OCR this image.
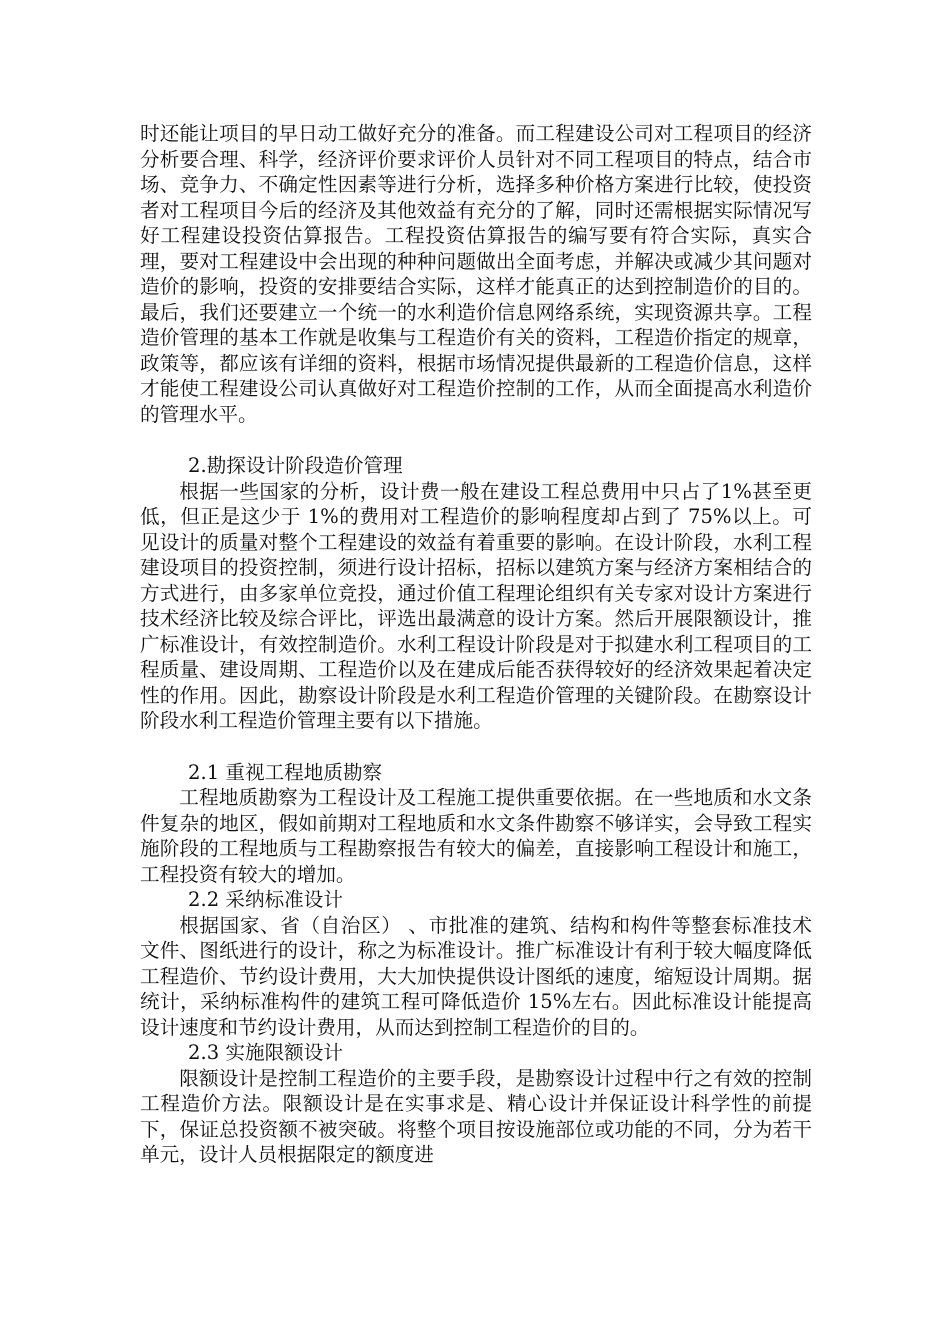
时还能让项目的早日动工做好充分的准备。而工程建设公司对工程项目的经济分析要合理、科学，经济评价要求评价人员针对不同工程项目的特点，结合市场、竞争力、不确定性因素等进行分析，选择多种价格方案进行比较，使投资者对工程项目今后的经济及其他效益有充分的了解，同时还需根据实际情况写好工程建设投资估算报告。工程投资估算报告的编写要有符合实际，真实合理，要对工程建设中会出现的种种问题做出全面考虑，并解决或减少其问题对造价的影响，投资的安排要结合实际，这样才能真正的达到控制造价的目的。最后，我们还要建立一个统一的水利造价信息网络系统，实现资源共享。工程造价管理的基本工作就是收集与工程造价有关的资料，工程造价指定的规章，政策等，都应该有详细的资料，根据市场情况提供最新的工程造价信息，这样才能使工程建设公司认真做好对工程造价控制的工作，从而全面提高水利造价的管理水平。

2.勘探设计阶段造价管理

根据一些国家的分析，设计费一般在建设工程总费用中只占了1%甚至更低，但正是这少于 1%的费用对工程造价的影响程度却占到了 75%以上。可见设计的质量对整个工程建设的效益有着重要的影响。在设计阶段，水利工程建设项目的投资控制，须进行设计招标，招标以建筑方案与经济方案相结合的方式进行，由多家单位竞投，通过价值工程理论组织有关专家对设计方案进行技术经济比较及综合评比，评选出最满意的设计方案。然后开展限额设计，推广标准设计，有效控制造价。水利工程设计阶段是对于拟建水利工程项目的工程质量、建设周期、工程造价以及在建成后能否获得较好的经济效果起着决定性的作用。因此，勘察设计阶段是水利工程造价管理的关键阶段。在勘察设计阶段水利工程造价管理主要有以下措施。

2.1 重视工程地质勘察

工程地质勘察为工程设计及工程施工提供重要依据。在一些地质和水文条件复杂的地区，假如前期对工程地质和水文条件勘察不够详实，会导致工程实施阶段的工程地质与工程勘察报告有较大的偏差，直接影响工程设计和施工，工程投资有较大的增加。

2.2 采纳标准设计

根据国家、省（自治区） 、市批准的建筑、结构和构件等整套标准技术文件、图纸进行的设计，称之为标准设计。推广标准设计有利于较大幅度降低工程造价、节约设计费用，大大加快提供设计图纸的速度，缩短设计周期。据统计，采纳标准构件的建筑工程可降低造价 15%左右。因此标准设计能提高设计速度和节约设计费用，从而达到控制工程造价的目的。

2.3 实施限额设计

限额设计是控制工程造价的主要手段，是勘察设计过程中行之有效的控制工程造价方法。限额设计是在实事求是、精心设计并保证设计科学性的前提下，保证总投资额不被突破。将整个项目按设施部位或功能的不同，分为若干单元，设计人员根据限定的额度进
